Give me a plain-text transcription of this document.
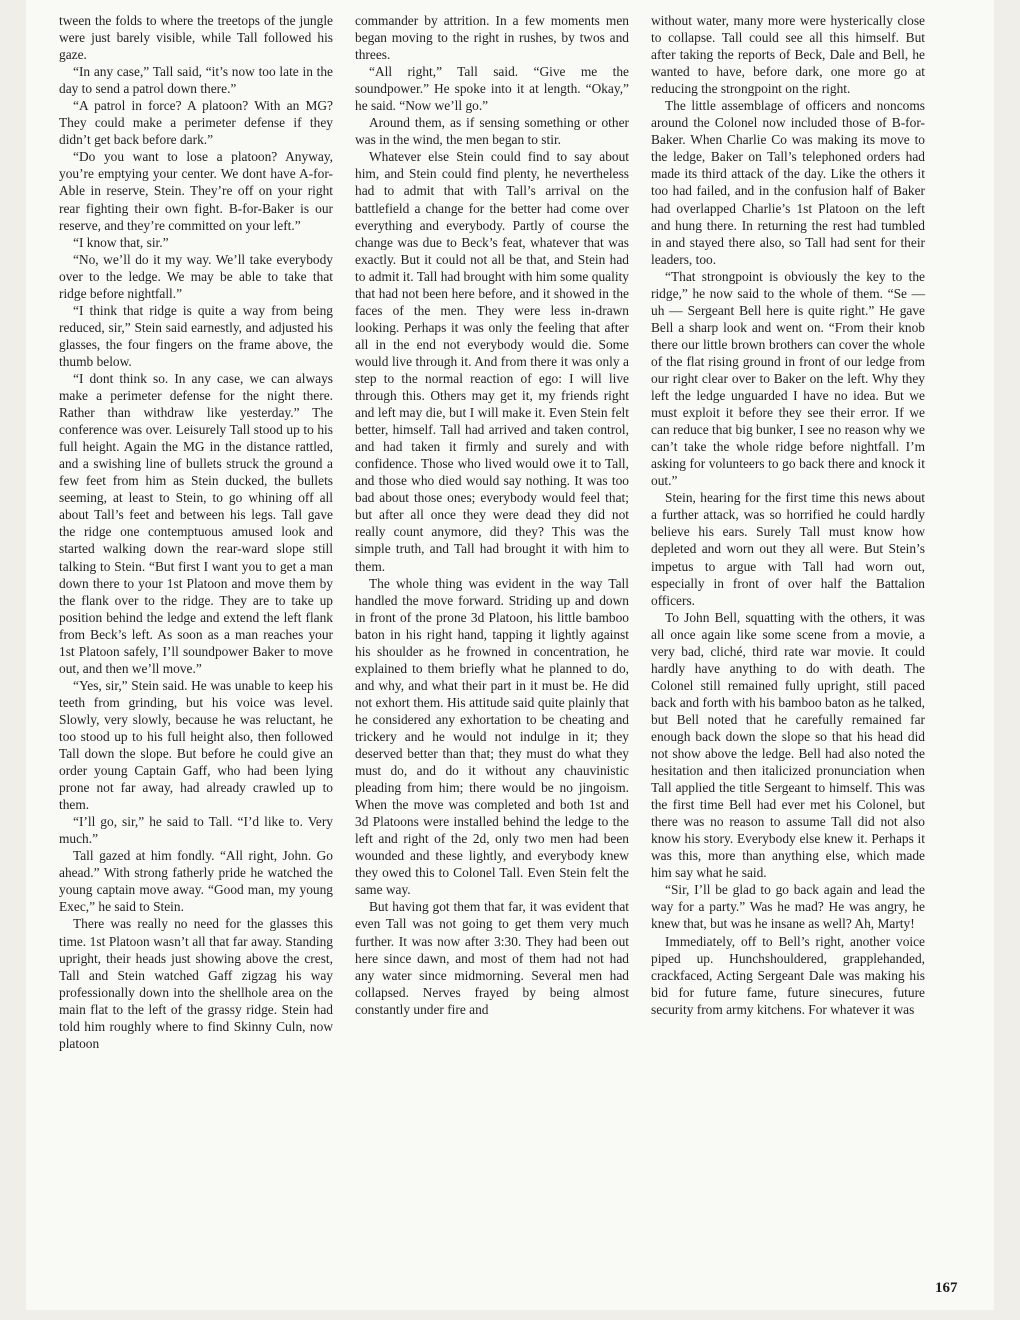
tween the folds to where the treetops of the jungle were just barely visible, while Tall followed his gaze.

“In any case,” Tall said, “it’s now too late in the day to send a patrol down there.”

“A patrol in force? A platoon? With an MG? They could make a perimeter defense if they didn’t get back before dark.”

“Do you want to lose a platoon? Anyway, you’re emptying your center. We dont have A-for-Able in reserve, Stein. They’re off on your right rear fighting their own fight. B-for-Baker is our reserve, and they’re committed on your left.”

“I know that, sir.”

“No, we’ll do it my way. We’ll take everybody over to the ledge. We may be able to take that ridge before nightfall.”

“I think that ridge is quite a way from being reduced, sir,” Stein said earnestly, and adjusted his glasses, the four fingers on the frame above, the thumb below.

“I dont think so. In any case, we can always make a perimeter defense for the night there. Rather than withdraw like yesterday.” The conference was over. Leisurely Tall stood up to his full height. Again the MG in the distance rattled, and a swishing line of bullets struck the ground a few feet from him as Stein ducked, the bullets seeming, at least to Stein, to go whining off all about Tall’s feet and between his legs. Tall gave the ridge one contemptuous amused look and started walking down the rear-ward slope still talking to Stein. “But first I want you to get a man down there to your 1st Platoon and move them by the flank over to the ridge. They are to take up position behind the ledge and extend the left flank from Beck’s left. As soon as a man reaches your 1st Platoon safely, I’ll soundpower Baker to move out, and then we’ll move.”

“Yes, sir,” Stein said. He was unable to keep his teeth from grinding, but his voice was level. Slowly, very slowly, because he was reluctant, he too stood up to his full height also, then followed Tall down the slope. But before he could give an order young Captain Gaff, who had been lying prone not far away, had already crawled up to them.

“I’ll go, sir,” he said to Tall. “I’d like to. Very much.”

Tall gazed at him fondly. “All right, John. Go ahead.” With strong fatherly pride he watched the young captain move away. “Good man, my young Exec,” he said to Stein.

There was really no need for the glasses this time. 1st Platoon wasn’t all that far away. Standing upright, their heads just showing above the crest, Tall and Stein watched Gaff zigzag his way professionally down into the shellhole area on the main flat to the left of the grassy ridge. Stein had told him roughly where to find Skinny Culn, now platoon

commander by attrition. In a few moments men began moving to the right in rushes, by twos and threes.

“All right,” Tall said. “Give me the soundpower.” He spoke into it at length. “Okay,” he said. “Now we’ll go.”

Around them, as if sensing something or other was in the wind, the men began to stir.

Whatever else Stein could find to say about him, and Stein could find plenty, he nevertheless had to admit that with Tall’s arrival on the battlefield a change for the better had come over everything and everybody. Partly of course the change was due to Beck’s feat, whatever that was exactly. But it could not all be that, and Stein had to admit it. Tall had brought with him some quality that had not been here before, and it showed in the faces of the men. They were less in-drawn looking. Perhaps it was only the feeling that after all in the end not everybody would die. Some would live through it. And from there it was only a step to the normal reaction of ego: I will live through this. Others may get it, my friends right and left may die, but I will make it. Even Stein felt better, himself. Tall had arrived and taken control, and had taken it firmly and surely and with confidence. Those who lived would owe it to Tall, and those who died would say nothing. It was too bad about those ones; everybody would feel that; but after all once they were dead they did not really count anymore, did they? This was the simple truth, and Tall had brought it with him to them.

The whole thing was evident in the way Tall handled the move forward. Striding up and down in front of the prone 3d Platoon, his little bamboo baton in his right hand, tapping it lightly against his shoulder as he frowned in concentration, he explained to them briefly what he planned to do, and why, and what their part in it must be. He did not exhort them. His attitude said quite plainly that he considered any exhortation to be cheating and trickery and he would not indulge in it; they deserved better than that; they must do what they must do, and do it without any chauvinistic pleading from him; there would be no jingoism. When the move was completed and both 1st and 3d Platoons were installed behind the ledge to the left and right of the 2d, only two men had been wounded and these lightly, and everybody knew they owed this to Colonel Tall. Even Stein felt the same way.

But having got them that far, it was evident that even Tall was not going to get them very much further. It was now after 3:30. They had been out here since dawn, and most of them had not had any water since midmorning. Several men had collapsed. Nerves frayed by being almost constantly under fire and

without water, many more were hysterically close to collapse. Tall could see all this himself. But after taking the reports of Beck, Dale and Bell, he wanted to have, before dark, one more go at reducing the strongpoint on the right.

The little assemblage of officers and noncoms around the Colonel now included those of B-for-Baker. When Charlie Co was making its move to the ledge, Baker on Tall’s telephoned orders had made its third attack of the day. Like the others it too had failed, and in the confusion half of Baker had overlapped Charlie’s 1st Platoon on the left and hung there. In returning the rest had tumbled in and stayed there also, so Tall had sent for their leaders, too.

“That strongpoint is obviously the key to the ridge,” he now said to the whole of them. “Se — uh — Sergeant Bell here is quite right.” He gave Bell a sharp look and went on. “From their knob there our little brown brothers can cover the whole of the flat rising ground in front of our ledge from our right clear over to Baker on the left. Why they left the ledge unguarded I have no idea. But we must exploit it before they see their error. If we can reduce that big bunker, I see no reason why we can’t take the whole ridge before nightfall. I’m asking for volunteers to go back there and knock it out.”

Stein, hearing for the first time this news about a further attack, was so horrified he could hardly believe his ears. Surely Tall must know how depleted and worn out they all were. But Stein’s impetus to argue with Tall had worn out, especially in front of over half the Battalion officers.

To John Bell, squatting with the others, it was all once again like some scene from a movie, a very bad, cliché, third rate war movie. It could hardly have anything to do with death. The Colonel still remained fully upright, still paced back and forth with his bamboo baton as he talked, but Bell noted that he carefully remained far enough back down the slope so that his head did not show above the ledge. Bell had also noted the hesitation and then italicized pronunciation when Tall applied the title Sergeant to himself. This was the first time Bell had ever met his Colonel, but there was no reason to assume Tall did not also know his story. Everybody else knew it. Perhaps it was this, more than anything else, which made him say what he said.

“Sir, I’ll be glad to go back again and lead the way for a party.” Was he mad? He was angry, he knew that, but was he insane as well? Ah, Marty!

Immediately, off to Bell’s right, another voice piped up. Hunchshouldered, grapplehanded, crackfaced, Acting Sergeant Dale was making his bid for future fame, future sinecures, future security from army kitchens. For whatever it was

167
